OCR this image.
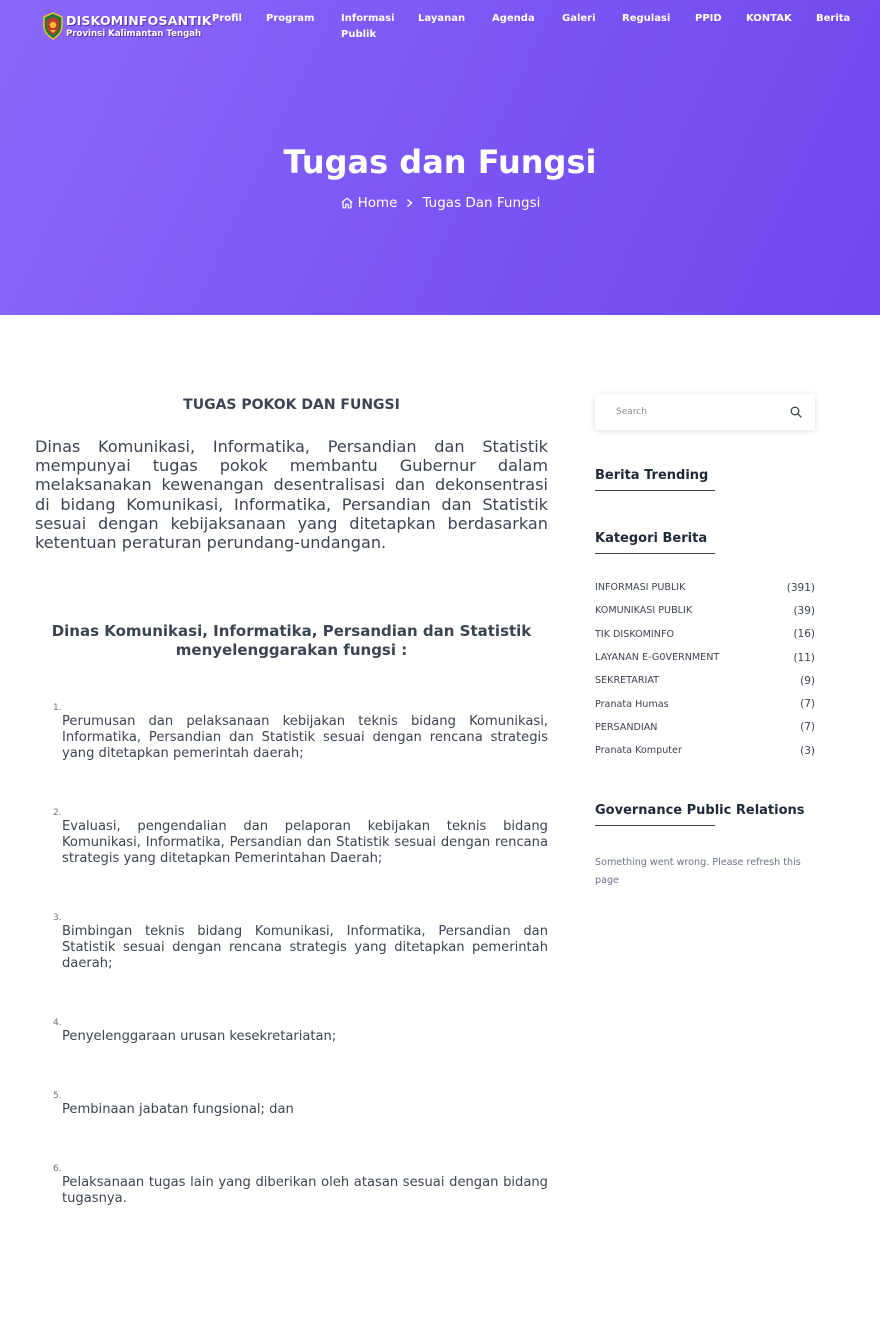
DISKOMINFOSANTIK
Provinsi Kalimantan Tengah
Profil Program	Informasi Publik
Layanan	Agenda	Galeri	Regulasi PPID KONTAK Berita
Tugas dan Fungsi
Home Tugas Dan Fungsi
TUGAS POKOK DAN FUNGSI

Dinas Komunikasi, Informatika, Persandian dan Statistik mempunyai tugas pokok membantu Gubernur dalam melaksanakan kewenangan desentralisasi dan dekonsentrasi di bidang Komunikasi, Informatika, Persandian dan Statistik sesuai dengan kebijaksanaan yang ditetapkan berdasarkan ketentuan peraturan perundang-undangan.

Dinas Komunikasi, Informatika, Persandian dan Statistik menyelenggarakan fungsi :
1.
Perumusan dan pelaksanaan kebijakan teknis bidang Komunikasi, Informatika, Persandian dan Statistik sesuai dengan rencana strategis yang ditetapkan pemerintah daerah;
2.
Evaluasi, pengendalian dan pelaporan kebijakan teknis bidang Komunikasi, Informatika, Persandian dan Statistik sesuai dengan rencana strategis yang ditetapkan Pemerintahan Daerah;
3.
Bimbingan teknis bidang Komunikasi, Informatika, Persandian dan Statistik sesuai dengan rencana strategis yang ditetapkan pemerintah daerah;
4.
Penyelenggaraan urusan kesekretariatan;
5.
Pembinaan jabatan fungsional; dan
6.
Pelaksanaan tugas lain yang diberikan oleh atasan sesuai dengan bidang tugasnya.
Search
Berita Trending
Kategori Berita
INFORMASI PUBLIK	(391)
KOMUNIKASI PUBLIK	(39)
TIK DISKOMINFO	(16)
LAYANAN E-G0VERNMENT	(11)
SEKRETARIAT	(9)
Pranata Humas	(7)
PERSANDIAN	(7)
Pranata Komputer	(3)
Governance Public Relations

Something went wrong. Please refresh this page
